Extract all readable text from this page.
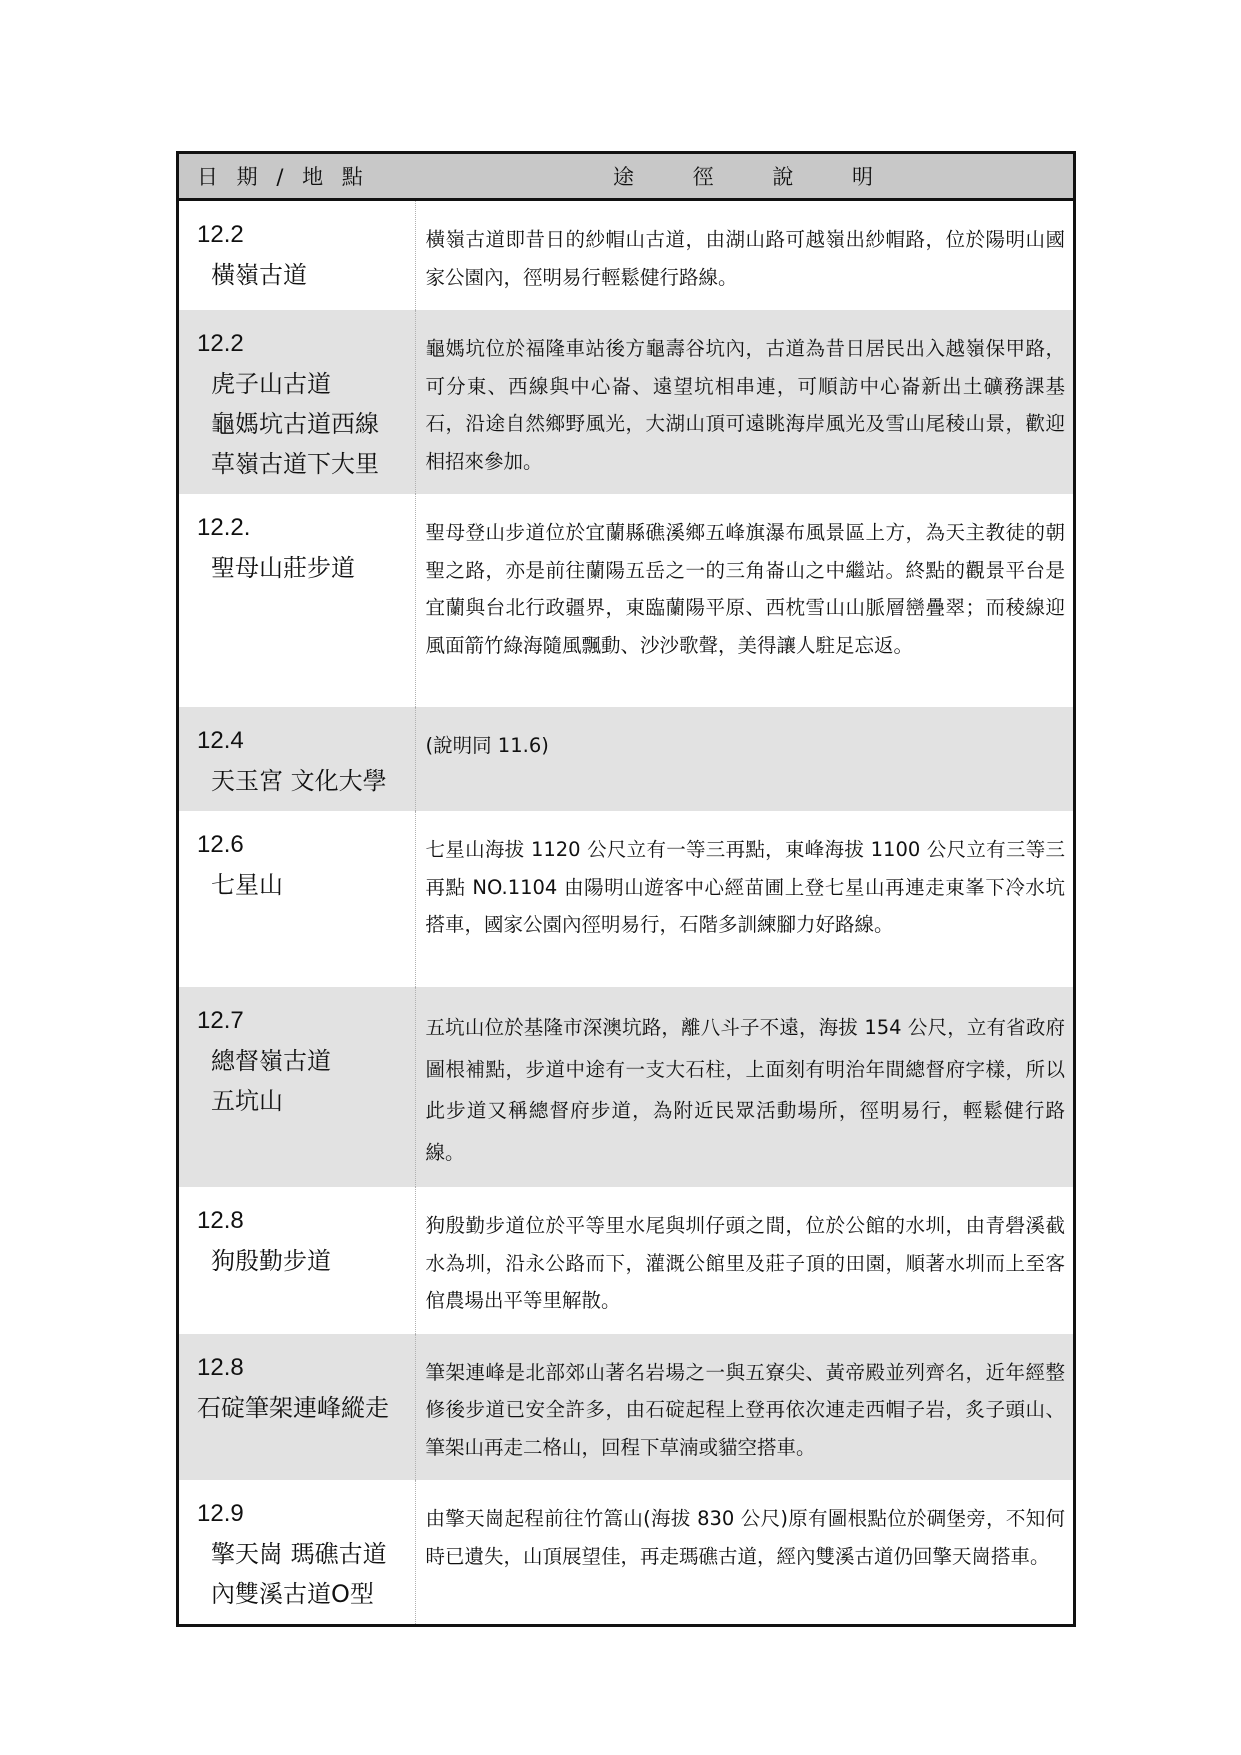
日 期 / 地 點	途 徑 說 明

12.2
橫嶺古道	橫嶺古道即昔日的紗帽山古道，由湖山路可越嶺出紗帽路，位於陽明山國家公園內，徑明易行輕鬆健行路線。

12.2
虎子山古道
龜媽坑古道西線
草嶺古道下大里	龜媽坑位於福隆車站後方龜壽谷坑內，古道為昔日居民出入越嶺保甲路，可分東、西線與中心崙、遠望坑相串連，可順訪中心崙新出土礦務課基石，沿途自然鄉野風光，大湖山頂可遠眺海岸風光及雪山尾稜山景，歡迎相招來參加。

12.2.
聖母山莊步道	聖母登山步道位於宜蘭縣礁溪鄉五峰旗瀑布風景區上方，為天主教徒的朝聖之路，亦是前往蘭陽五岳之一的三角崙山之中繼站。終點的觀景平台是宜蘭與台北行政疆界，東臨蘭陽平原、西枕雪山山脈層巒疊翠；而稜線迎風面箭竹綠海隨風飄動、沙沙歌聲，美得讓人駐足忘返。

12.4
天玉宮 文化大學	(說明同 11.6)

12.6
七星山	七星山海拔 1120 公尺立有一等三再點，東峰海拔 1100 公尺立有三等三再點 NO.1104 由陽明山遊客中心經苗圃上登七星山再連走東峯下冷水坑搭車，國家公園內徑明易行，石階多訓練腳力好路線。

12.7
總督嶺古道
五坑山	五坑山位於基隆市深澳坑路，離八斗子不遠，海拔 154 公尺，立有省政府圖根補點，步道中途有一支大石柱，上面刻有明治年間總督府字樣，所以此步道又稱總督府步道，為附近民眾活動場所，徑明易行，輕鬆健行路線。

12.8
狗殷勤步道	狗殷勤步道位於平等里水尾與圳仔頭之間，位於公館的水圳，由青礐溪截水為圳，沿永公路而下，灌溉公館里及莊子頂的田園，順著水圳而上至客倌農場出平等里解散。

12.8
石碇筆架連峰縱走	筆架連峰是北部郊山著名岩場之一與五寮尖、黃帝殿並列齊名，近年經整修後步道已安全許多，由石碇起程上登再依次連走西帽子岩，炙子頭山、筆架山再走二格山，回程下草湳或貓空搭車。

12.9
擎天崗 瑪礁古道
內雙溪古道O型	由擎天崗起程前往竹篙山(海拔 830 公尺)原有圖根點位於碉堡旁，不知何時已遺失，山頂展望佳，再走瑪礁古道，經內雙溪古道仍回擎天崗搭車。
